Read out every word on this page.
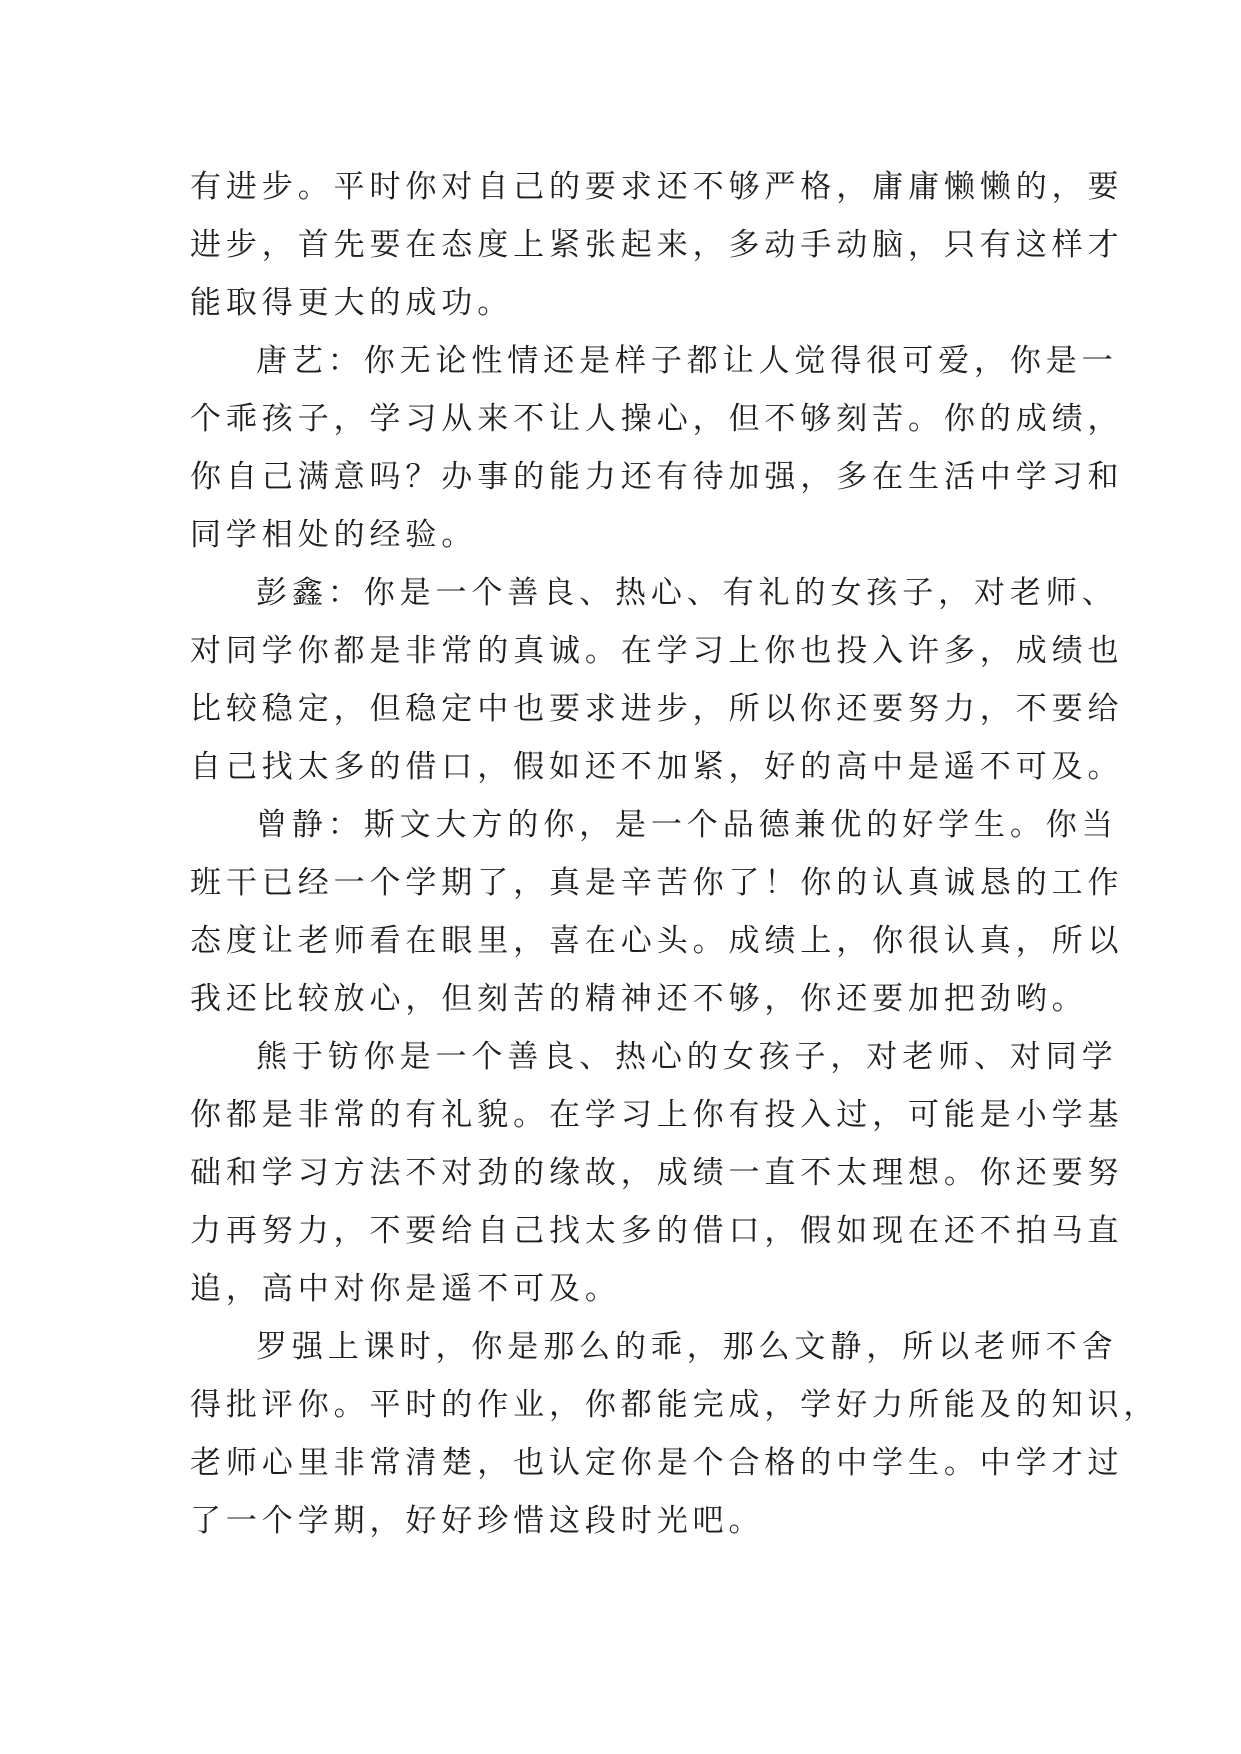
有进步。平时你对自己的要求还不够严格，庸庸懒懒的，要
进步，首先要在态度上紧张起来，多动手动脑，只有这样才
能取得更大的成功。

唐艺：你无论性情还是样子都让人觉得很可爱，你是一
个乖孩子，学习从来不让人操心，但不够刻苦。你的成绩，
你自己满意吗？办事的能力还有待加强，多在生活中学习和
同学相处的经验。

彭鑫：你是一个善良、热心、有礼的女孩子，对老师、
对同学你都是非常的真诚。在学习上你也投入许多，成绩也
比较稳定，但稳定中也要求进步，所以你还要努力，不要给
自己找太多的借口，假如还不加紧，好的高中是遥不可及。

曾静：斯文大方的你，是一个品德兼优的好学生。你当
班干已经一个学期了，真是辛苦你了！你的认真诚恳的工作
态度让老师看在眼里，喜在心头。成绩上，你很认真，所以
我还比较放心，但刻苦的精神还不够，你还要加把劲哟。

熊于钫你是一个善良、热心的女孩子，对老师、对同学
你都是非常的有礼貌。在学习上你有投入过，可能是小学基
础和学习方法不对劲的缘故，成绩一直不太理想。你还要努
力再努力，不要给自己找太多的借口，假如现在还不拍马直
追，高中对你是遥不可及。

罗强上课时，你是那么的乖，那么文静，所以老师不舍
得批评你。平时的作业，你都能完成，学好力所能及的知识，
老师心里非常清楚，也认定你是个合格的中学生。中学才过
了一个学期，好好珍惜这段时光吧。
